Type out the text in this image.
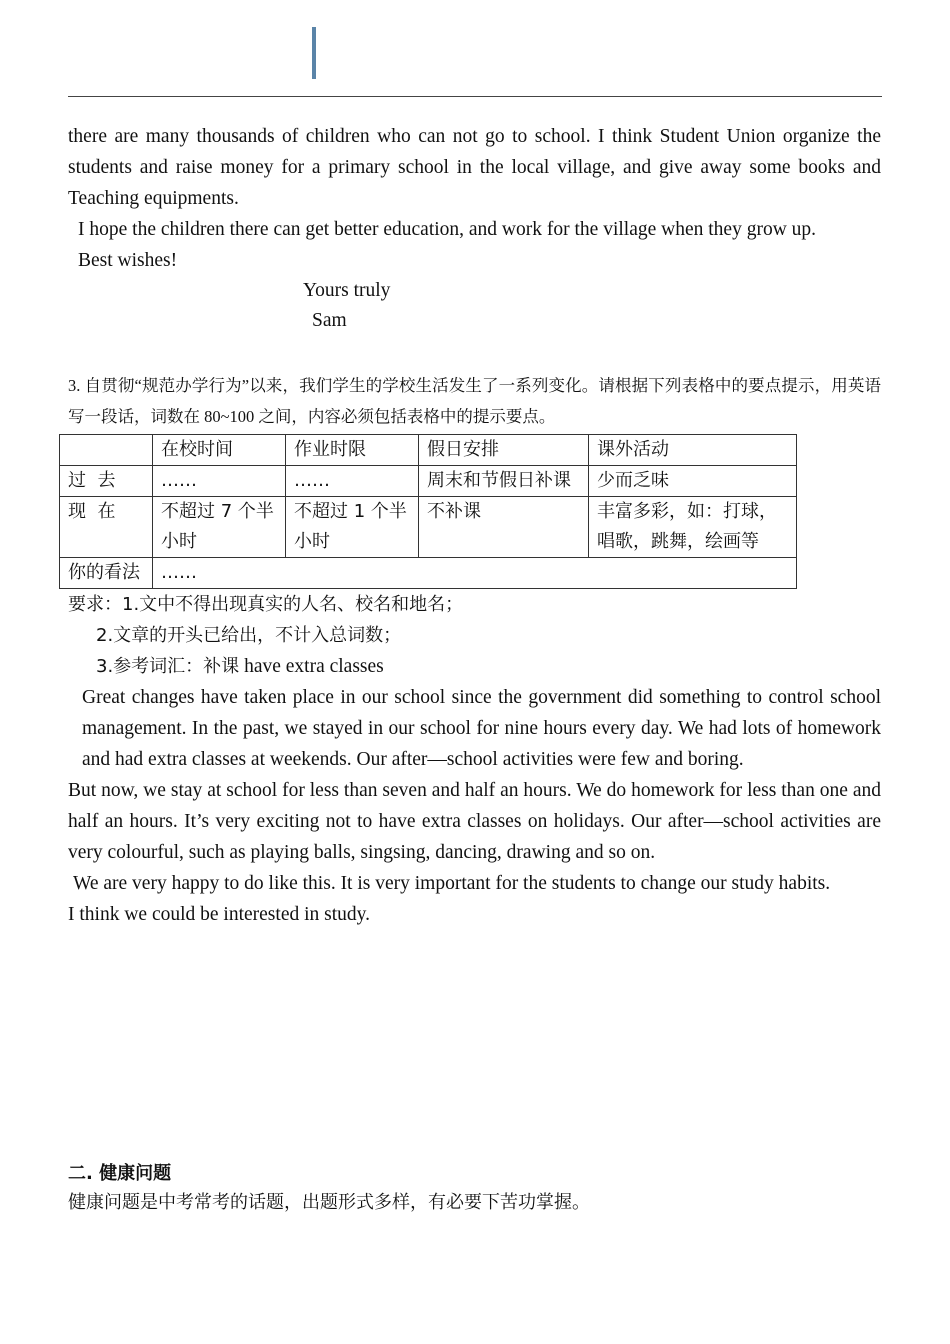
there are many thousands of children who can not go to school. I think Student Union organize the students and raise money for a primary school in the local village, and give away some books and Teaching equipments.

I hope the children there can get better education, and work for the village when they grow up.

Best wishes!

Yours truly

Sam

3. 自贯彻“规范办学行为”以来，我们学生的学校生活发生了一系列变化。请根据下列表格中的要点提示，用英语写一段话，词数在 80~100 之间，内容必须包括表格中的提示要点。

	在校时间	作业时限	假日安排	课外活动
过  去	……	……	周末和节假日补课	少而乏味
现  在	不超过 7 个半小时	不超过 1 个半小时	不补课	丰富多彩，如：打球，唱歌，跳舞，绘画等
你的看法	……			

要求：1.文中不得出现真实的人名、校名和地名；

2.文章的开头已给出，不计入总词数；

3.参考词汇：补课 have extra classes

Great changes have taken place in our school since the government did something to control school management. In the past, we stayed in our school for nine hours every day. We had lots of homework and had extra classes at weekends. Our after—school activities were few and boring.

But now, we stay at school for less than seven and half an hours. We do homework for less than one and half an hours. It’s very exciting not to have extra classes on holidays. Our after—school activities are very colourful, such as playing balls, singsing, dancing, drawing and so on.

We are very happy to do like this. It is very important for the students to change our study habits.

I think we could be interested in study.

二. 健康问题
健康问题是中考常考的话题，出题形式多样，有必要下苦功掌握。
